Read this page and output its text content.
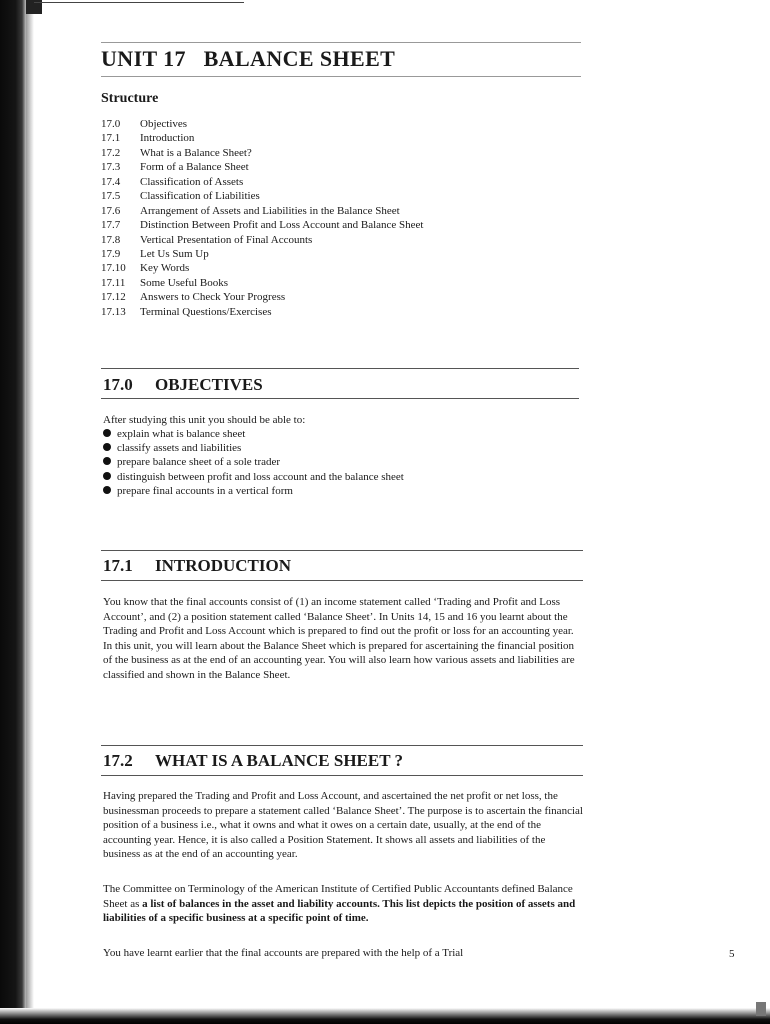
UNIT 17   BALANCE SHEET
Structure
17.0 Objectives
17.1 Introduction
17.2 What is a Balance Sheet?
17.3 Form of a Balance Sheet
17.4 Classification of Assets
17.5 Classification of Liabilities
17.6 Arrangement of Assets and Liabilities in the Balance Sheet
17.7 Distinction Between Profit and Loss Account and Balance Sheet
17.8 Vertical Presentation of Final Accounts
17.9 Let Us Sum Up
17.10 Key Words
17.11 Some Useful Books
17.12 Answers to Check Your Progress
17.13 Terminal Questions/Exercises
17.0 OBJECTIVES

After studying this unit you should be able to:

explain what is balance sheet
classify assets and liabilities
prepare balance sheet of a sole trader
distinguish between profit and loss account and the balance sheet
prepare final accounts in a vertical form
17.1 INTRODUCTION

You know that the final accounts consist of (1) an income statement called ‘Trading and Profit and Loss Account’, and (2) a position statement called ‘Balance Sheet’. In Units 14, 15 and 16 you learnt about the Trading and Profit and Loss Account which is prepared to find out the profit or loss for an accounting year. In this unit, you will learn about the Balance Sheet which is prepared for ascertaining the financial position of the business as at the end of an accounting year. You will also learn how various assets and liabilities are classified and shown in the Balance Sheet.

17.2 WHAT IS A BALANCE SHEET ?

Having prepared the Trading and Profit and Loss Account, and ascertained the net profit or net loss, the businessman proceeds to prepare a statement called ‘Balance Sheet’. The purpose is to ascertain the financial position of a business i.e., what it owns and what it owes on a certain date, usually, at the end of the accounting year. Hence, it is also called a Position Statement. It shows all assets and liabilities of the business as at the end of an accounting year.

The Committee on Terminology of the American Institute of Certified Public Accountants defined Balance Sheet as a list of balances in the asset and liability accounts. This list depicts the position of assets and liabilities of a specific business at a specific point of time.

You have learnt earlier that the final accounts are prepared with the help of a Trial	5
